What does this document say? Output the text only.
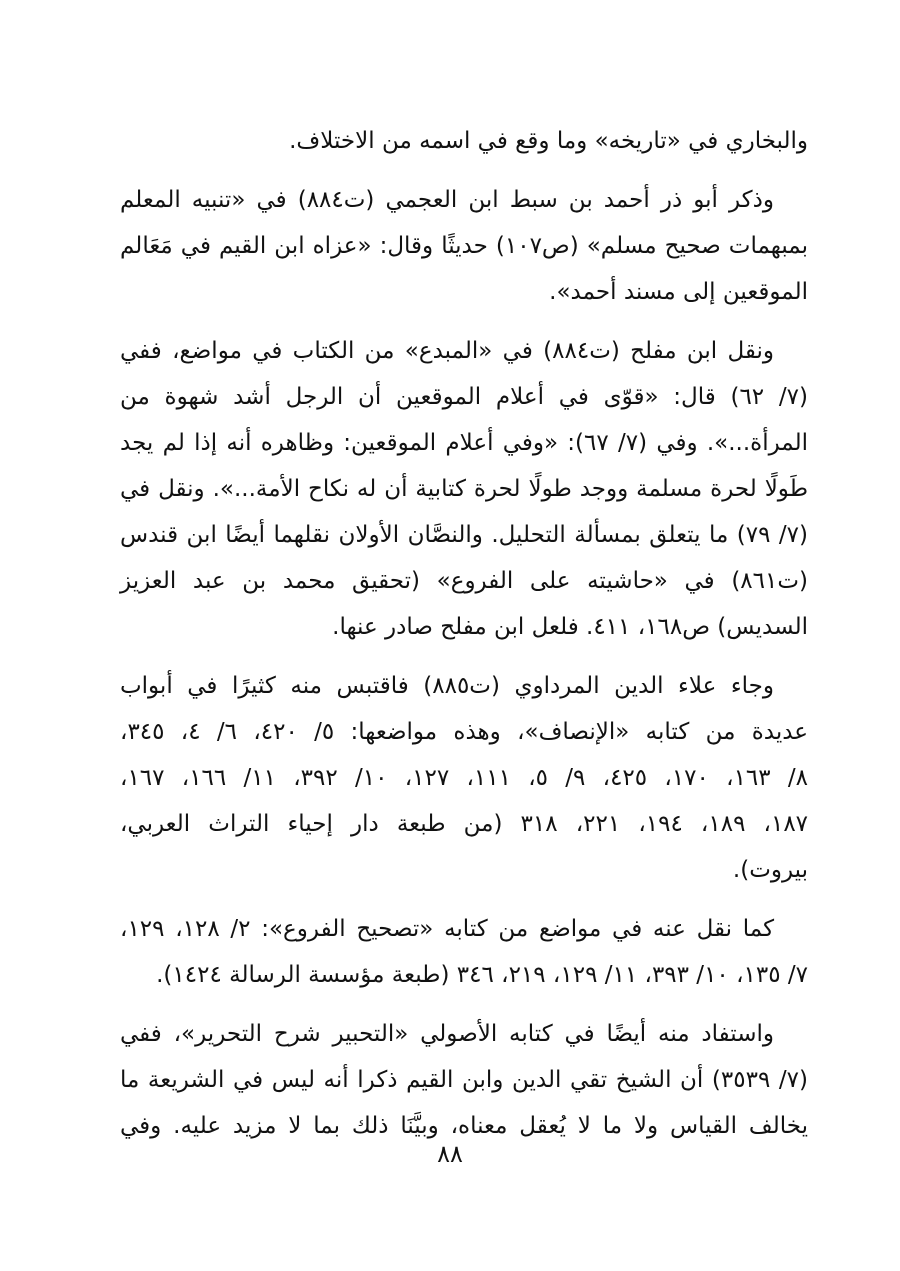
والبخاري في «تاريخه» وما وقع في اسمه من الاختلاف.
وذكر أبو ذر أحمد بن سبط ابن العجمي (ت٨٨٤) في «تنبيه المعلم
بمبهمات صحيح مسلم» (ص١٠٧) حديثًا وقال: «عزاه ابن القيم في مَعَالم
الموقعين إلى مسند أحمد».
ونقل ابن مفلح (ت٨٨٤) في «المبدع» من الكتاب في مواضع، ففي
(٧/ ٦٢) قال: «قوّى في أعلام الموقعين أن الرجل أشد شهوة من
المرأة...». وفي (٧/ ٦٧): «وفي أعلام الموقعين: وظاهره أنه إذا لم يجد
طَولًا لحرة مسلمة ووجد طولًا لحرة كتابية أن له نكاح الأمة...». ونقل في
(٧/ ٧٩) ما يتعلق بمسألة التحليل. والنصَّان الأولان نقلهما أيضًا ابن قندس
(ت٨٦١) في «حاشيته على الفروع» (تحقيق محمد بن عبد العزيز
السديس) ص١٦٨، ٤١١. فلعل ابن مفلح صادر عنها.
وجاء علاء الدين المرداوي (ت٨٨٥) فاقتبس منه كثيرًا في أبواب
عديدة من كتابه «الإنصاف»، وهذه مواضعها: ٥/ ٤٢٠، ٦/ ٤، ٣٤٥،
٨/ ١٦٣، ١٧٠، ٤٢٥، ٩/ ٥، ١١١، ١٢٧، ١٠/ ٣٩٢، ١١/ ١٦٦، ١٦٧،
١٨٧، ١٨٩، ١٩٤، ٢٢١، ٣١٨ (من طبعة دار إحياء التراث العربي،
بيروت).
كما نقل عنه في مواضع من كتابه «تصحيح الفروع»: ٢/ ١٢٨، ١٢٩،
٧/ ١٣٥، ١٠/ ٣٩٣، ١١/ ١٢٩، ٢١٩، ٣٤٦ (طبعة مؤسسة الرسالة ١٤٢٤).
واستفاد منه أيضًا في كتابه الأصولي «التحبير شرح التحرير»، ففي
(٧/ ٣٥٣٩) أن الشيخ تقي الدين وابن القيم ذكرا أنه ليس في الشريعة ما
يخالف القياس ولا ما لا يُعقل معناه، وبيَّنَا ذلك بما لا مزيد عليه. وفي
٨٨
